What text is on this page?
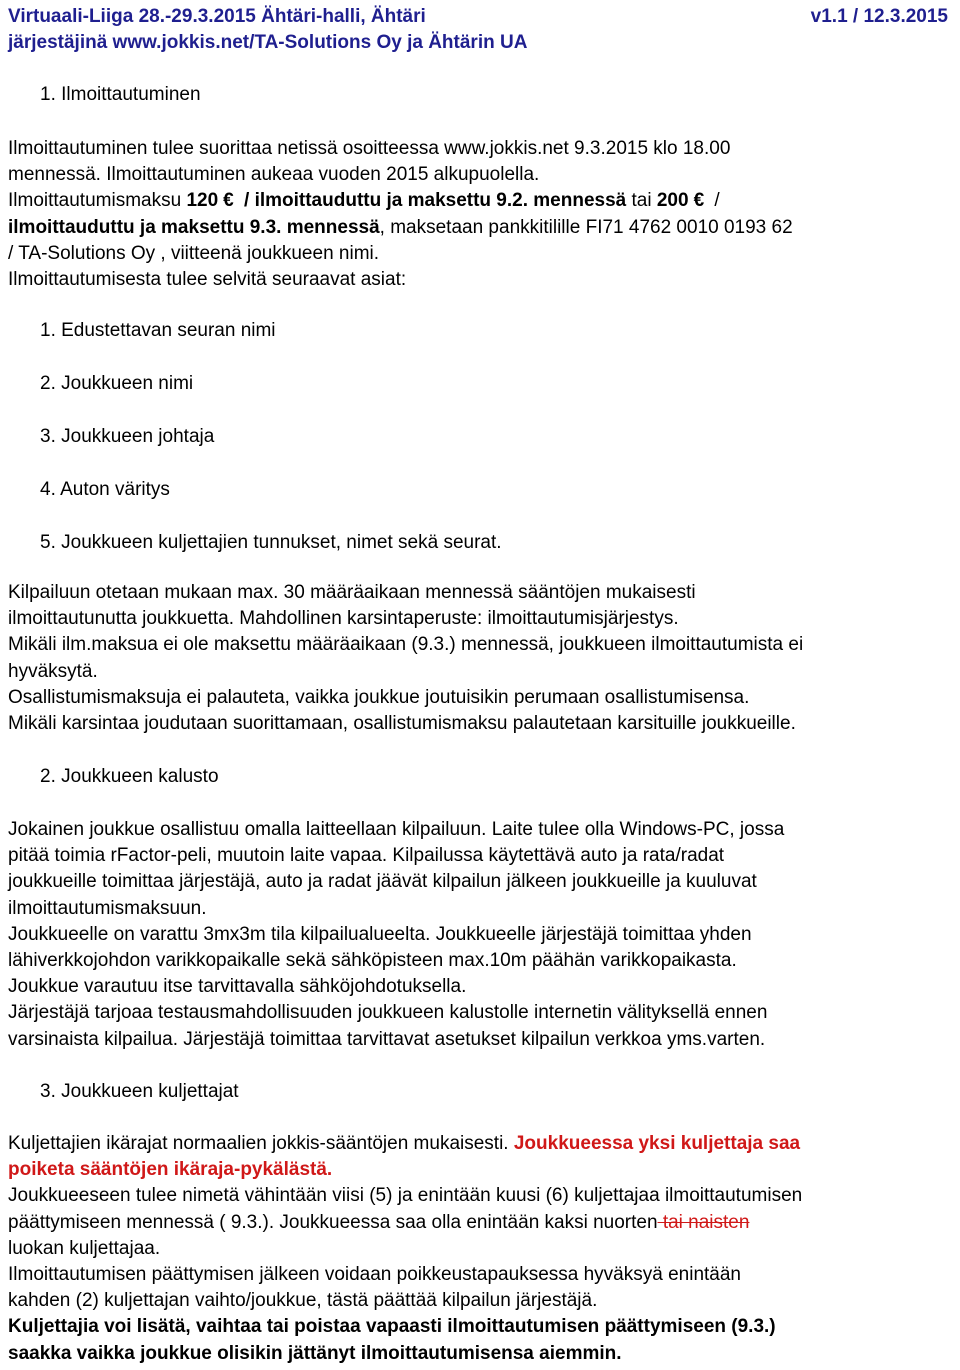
Virtuaali-Liiga 28.-29.3.2015 Ähtäri-halli, Ähtäri	v1.1 / 12.3.2015
järjestäjinä www.jokkis.net/TA-Solutions Oy ja Ähtärin UA
1. Ilmoittautuminen
Ilmoittautuminen tulee suorittaa netissä osoitteessa www.jokkis.net 9.3.2015 klo 18.00
mennessä. Ilmoittautuminen aukeaa vuoden 2015 alkupuolella.
Ilmoittautumismaksu 120 € / ilmoittauduttu ja maksettu 9.2. mennessä tai 200 € /
ilmoittauduttu ja maksettu 9.3. mennessä, maksetaan pankkitilille FI71 4762 0010 0193 62
/ TA-Solutions Oy , viitteenä joukkueen nimi.
Ilmoittautumisesta tulee selvitä seuraavat asiat:
1. Edustettavan seuran nimi
2. Joukkueen nimi
3. Joukkueen johtaja
4. Auton väritys
5. Joukkueen kuljettajien tunnukset, nimet sekä seurat.
Kilpailuun otetaan mukaan max. 30 määräaikaan mennessä sääntöjen mukaisesti
ilmoittautunutta joukkuetta. Mahdollinen karsintaperuste: ilmoittautumisjärjestys.
Mikäli ilm.maksua ei ole maksettu määräaikaan (9.3.) mennessä, joukkueen ilmoittautumista ei
hyväksytä.
Osallistumismaksuja ei palauteta, vaikka joukkue joutuisikin perumaan osallistumisensa.
Mikäli karsintaa joudutaan suorittamaan, osallistumismaksu palautetaan karsituille joukkueille.
2. Joukkueen kalusto
Jokainen joukkue osallistuu omalla laitteellaan kilpailuun. Laite tulee olla Windows-PC, jossa
pitää toimia rFactor-peli, muutoin laite vapaa. Kilpailussa käytettävä auto ja rata/radat
joukkueille toimittaa järjestäjä, auto ja radat jäävät kilpailun jälkeen joukkueille ja kuuluvat
ilmoittautumismaksuun.
Joukkueelle on varattu 3mx3m tila kilpailualueelta. Joukkueelle järjestäjä toimittaa yhden
lähiverkkojohdon varikkopaikalle sekä sähköpisteen max.10m päähän varikkopaikasta.
Joukkue varautuu itse tarvittavalla sähköjohdotuksella.
Järjestäjä tarjoaa testausmahdollisuuden joukkueen kalustolle internetin välityksellä ennen
varsinaista kilpailua. Järjestäjä toimittaa tarvittavat asetukset kilpailun verkkoa yms.varten.
3. Joukkueen kuljettajat
Kuljettajien ikärajat normaalien jokkis-sääntöjen mukaisesti. Joukkueessa yksi kuljettaja saa
poiketa sääntöjen ikäraja-pykälästä.
Joukkueeseen tulee nimetä vähintään viisi (5) ja enintään kuusi (6) kuljettajaa ilmoittautumisen
päättymiseen mennessä ( 9.3.). Joukkueessa saa olla enintään kaksi nuorten tai naisten
luokan kuljettajaa.
Ilmoittautumisen päättymisen jälkeen voidaan poikkeustapauksessa hyväksyä enintään
kahden (2) kuljettajan vaihto/joukkue, tästä päättää kilpailun järjestäjä.
Kuljettajia voi lisätä, vaihtaa tai poistaa vapaasti ilmoittautumisen päättymiseen (9.3.)
saakka vaikka joukkue olisikin jättänyt ilmoittautumisensa aiemmin.
